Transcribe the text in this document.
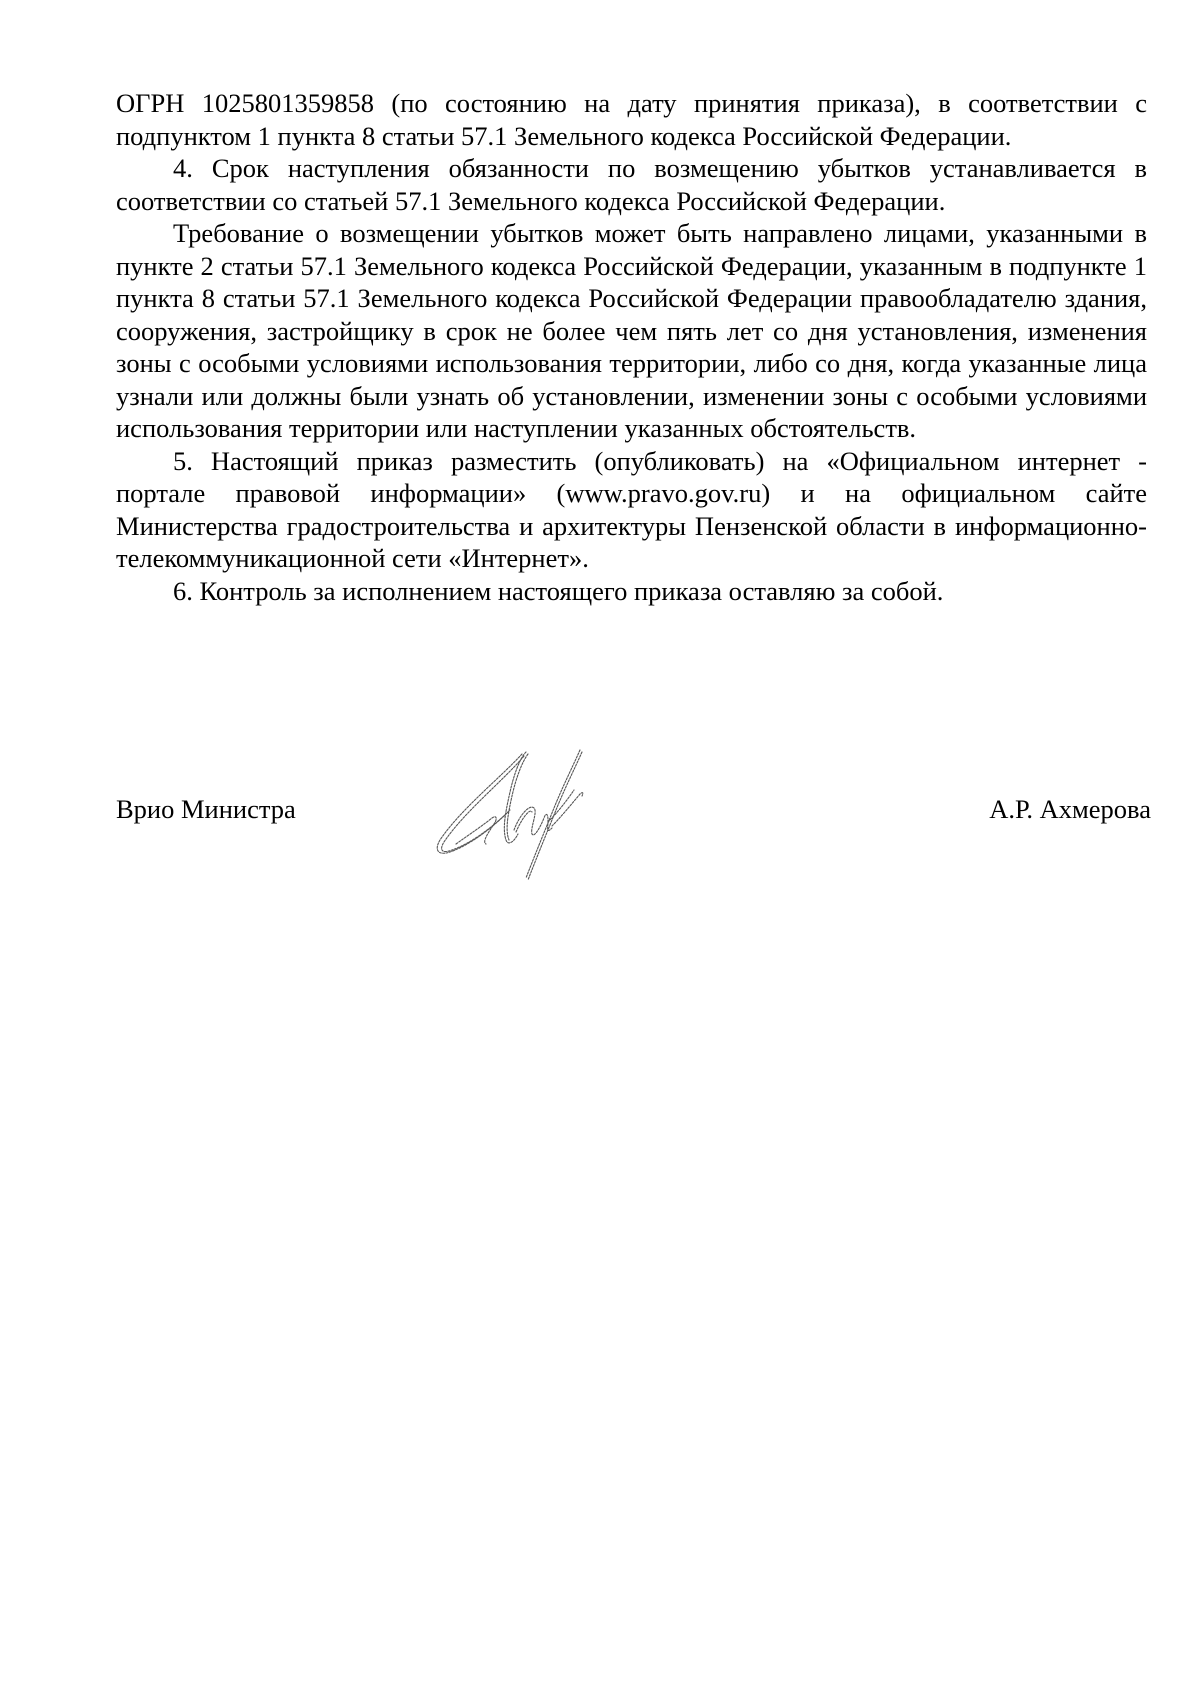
ОГРН 1025801359858 (по состоянию на дату принятия приказа), в соответствии с подпунктом 1 пункта 8 статьи 57.1 Земельного кодекса Российской Федерации.

4. Срок наступления обязанности по возмещению убытков устанавливается в соответствии со статьей 57.1 Земельного кодекса Российской Федерации.

Требование о возмещении убытков может быть направлено лицами, указанными в пункте 2 статьи 57.1 Земельного кодекса Российской Федерации, указанным в подпункте 1 пункта 8 статьи 57.1 Земельного кодекса Российской Федерации правообладателю здания, сооружения, застройщику в срок не более чем пять лет со дня установления, изменения зоны с особыми условиями использования территории, либо со дня, когда указанные лица узнали или должны были узнать об установлении, изменении зоны с особыми условиями использования территории или наступлении указанных обстоятельств.

5. Настоящий приказ разместить (опубликовать) на «Официальном интернет - портале правовой информации» (www.pravo.gov.ru) и на официальном сайте Министерства градостроительства и архитектуры Пензенской области в информационно-телекоммуникационной сети «Интернет».

6. Контроль за исполнением настоящего приказа оставляю за собой.

Врио Министра	А.Р. Ахмерова
